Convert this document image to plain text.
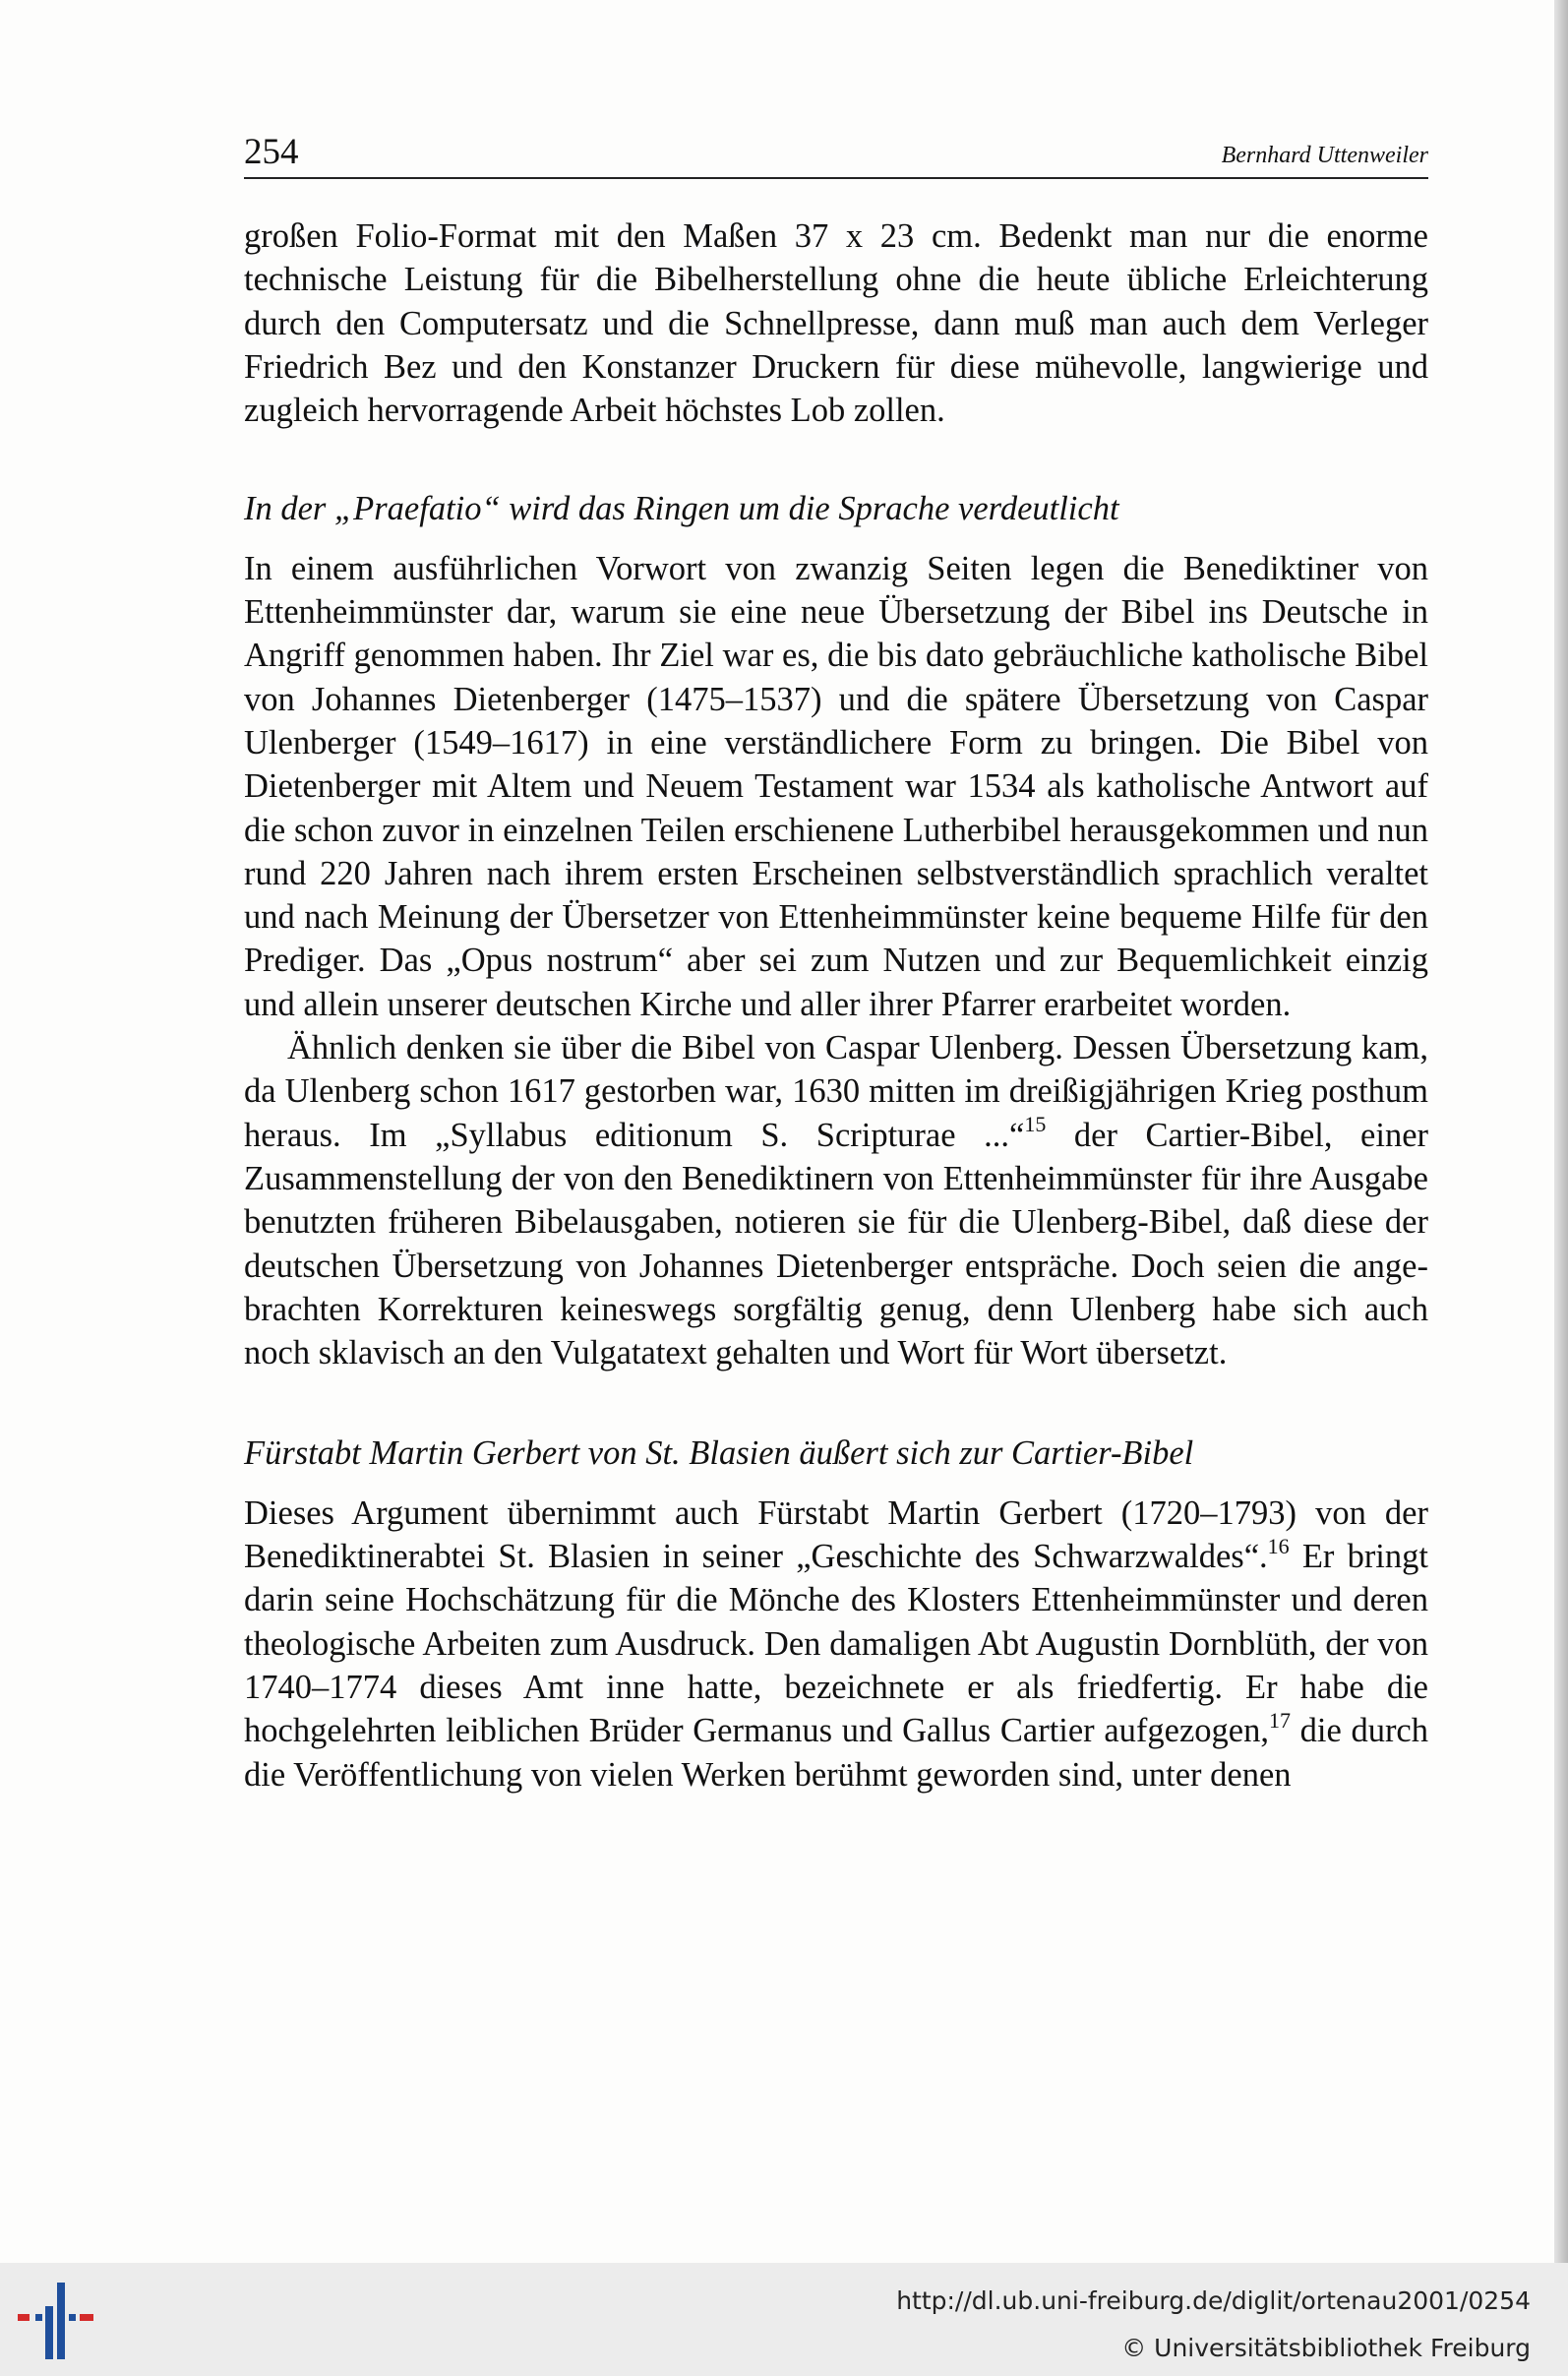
254	Bernhard Uttenweiler

großen Folio-Format mit den Maßen 37 x 23 cm. Bedenkt man nur die enorme technische Leistung für die Bibelherstellung ohne die heute übliche Erleichterung durch den Computersatz und die Schnellpresse, dann muß man auch dem Verleger Friedrich Bez und den Konstanzer Druckern für diese mühevolle, langwierige und zugleich hervorragende Arbeit höchstes Lob zollen.

In der „Praefatio“ wird das Ringen um die Sprache verdeutlicht

In einem ausführlichen Vorwort von zwanzig Seiten legen die Benediktiner von Ettenheimmünster dar, warum sie eine neue Übersetzung der Bibel ins Deutsche in Angriff genommen haben. Ihr Ziel war es, die bis dato gebräuchliche katholische Bibel von Johannes Dietenberger (1475–1537) und die spätere Übersetzung von Caspar Ulenberger (1549–1617) in eine verständlichere Form zu bringen. Die Bibel von Dietenberger mit Altem und Neuem Testament war 1534 als katholische Antwort auf die schon zuvor in einzelnen Teilen erschienene Lutherbibel herausgekommen und nun rund 220 Jahren nach ihrem ersten Erscheinen selbstverständlich sprachlich veraltet und nach Meinung der Übersetzer von Ettenheimmünster keine bequeme Hilfe für den Prediger. Das „Opus nostrum“ aber sei zum Nutzen und zur Bequemlichkeit einzig und allein unserer deutschen Kirche und aller ihrer Pfarrer erarbeitet worden.

Ähnlich denken sie über die Bibel von Caspar Ulenberg. Dessen Übersetzung kam, da Ulenberg schon 1617 gestorben war, 1630 mitten im dreißigjährigen Krieg posthum heraus. Im „Syllabus editionum S. Scripturae ...“$^{15}$ der Cartier-Bibel, einer Zusammenstellung der von den Benediktinern von Ettenheimmünster für ihre Ausgabe benutzten früheren Bibelausgaben, notieren sie für die Ulenberg-Bibel, daß diese der deutschen Übersetzung von Johannes Dietenberger entspräche. Doch seien die angebrachten Korrekturen keineswegs sorgfältig genug, denn Ulenberg habe sich auch noch sklavisch an den Vulgatatext gehalten und Wort für Wort übersetzt.

Fürstabt Martin Gerbert von St. Blasien äußert sich zur Cartier-Bibel

Dieses Argument übernimmt auch Fürstabt Martin Gerbert (1720–1793) von der Benediktinerabtei St. Blasien in seiner „Geschichte des Schwarzwaldes“.$^{16}$ Er bringt darin seine Hochschätzung für die Mönche des Klosters Ettenheimmünster und deren theologische Arbeiten zum Ausdruck. Den damaligen Abt Augustin Dornblüth, der von 1740–1774 dieses Amt inne hatte, bezeichnete er als friedfertig. Er habe die hochgelehrten leiblichen Brüder Germanus und Gallus Cartier aufgezogen,$^{17}$ die durch die Veröffentlichung von vielen Werken berühmt geworden sind, unter denen

http://dl.ub.uni-freiburg.de/diglit/ortenau2001/0254
© Universitätsbibliothek Freiburg
